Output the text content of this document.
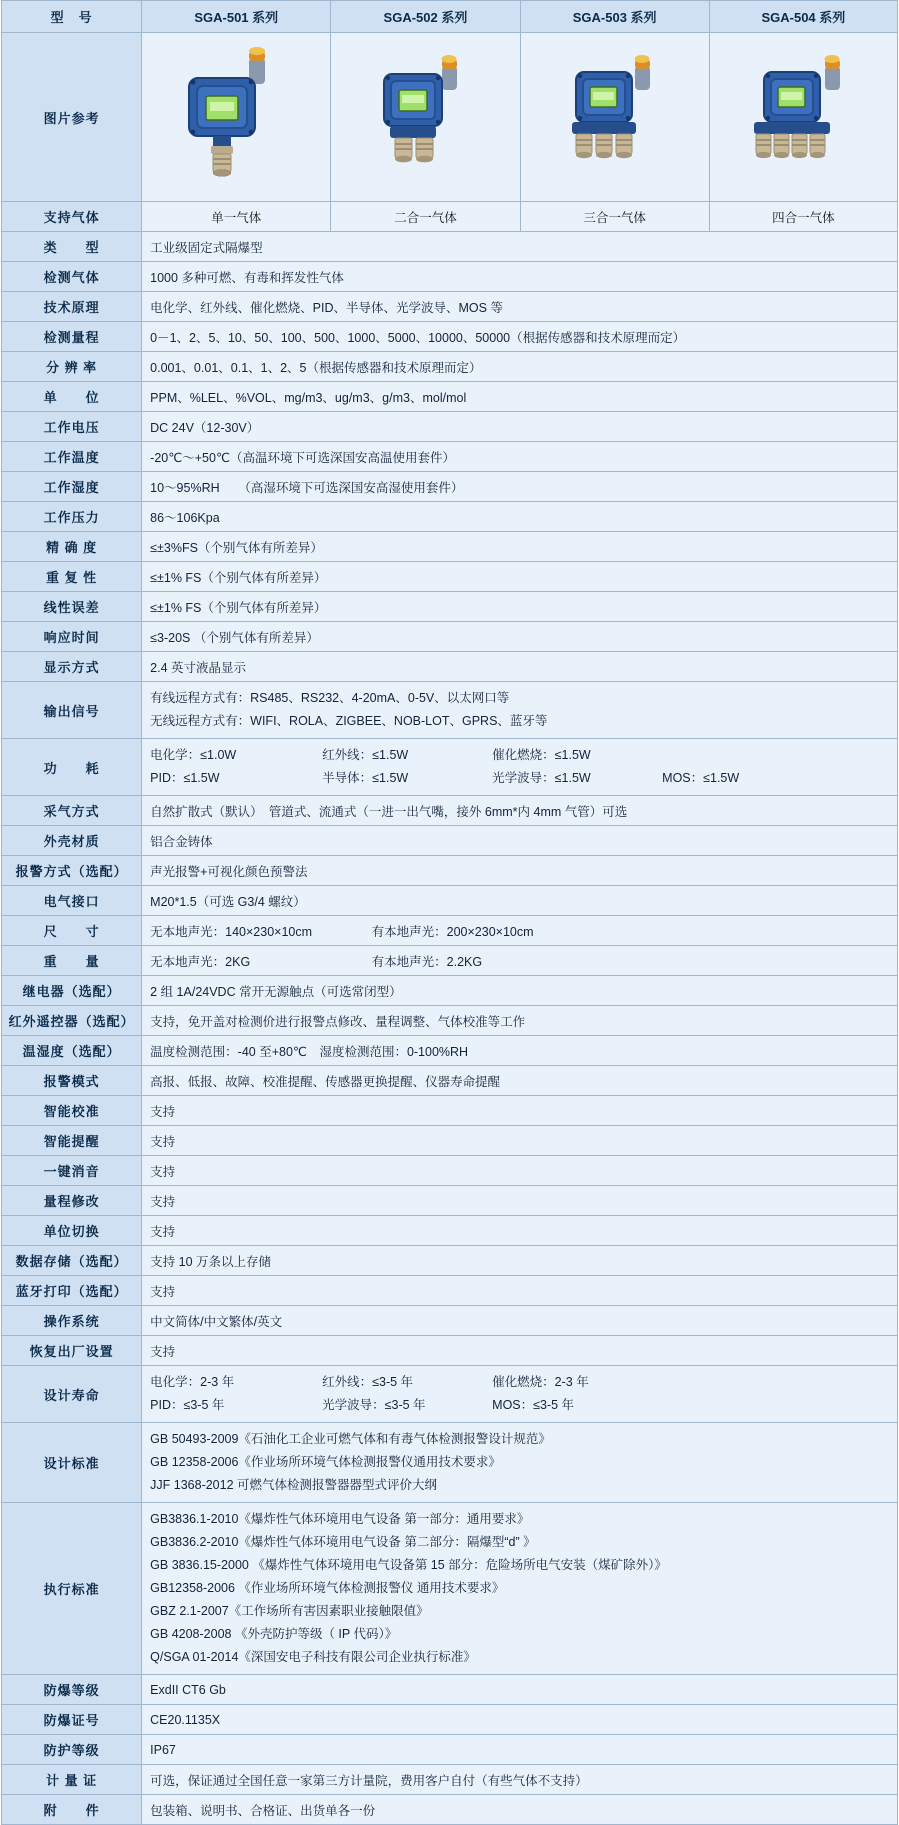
型　号	SGA-501 系列	SGA-502 系列	SGA-503 系列	SGA-504 系列
图片参考	

支持气体	单一气体	二合一气体	三合一气体	四合一气体
类　　型	工业级固定式隔爆型			
检测气体	1000 多种可燃、有毒和挥发性气体			
技术原理	电化学、红外线、催化燃烧、PID、半导体、光学波导、MOS 等			
检测量程	0－1、2、5、10、50、100、500、1000、5000、10000、50000（根据传感器和技术原理而定）			
分 辨 率	0.001、0.01、0.1、1、2、5（根据传感器和技术原理而定）			
单　　位	PPM、%LEL、%VOL、mg/m3、ug/m3、g/m3、mol/mol			
工作电压	DC 24V（12-30V）			
工作温度	-20℃～+50℃（高温环境下可选深国安高温使用套件）			
工作湿度	10～95%RH　　（高湿环境下可选深国安高湿使用套件）			
工作压力	86～106Kpa			
精 确 度	≤±3%FS（个别气体有所差异）			
重 复 性	≤±1% FS（个别气体有所差异）			
线性误差	≤±1% FS（个别气体有所差异）			
响应时间	≤3-20S （个别气体有所差异）			
显示方式	2.4 英寸液晶显示			
输出信号	有线远程方式有：RS485、RS232、4-20mA、0-5V、以太网口等
无线远程方式有：WIFI、ROLA、ZIGBEE、NOB-LOT、GPRS、蓝牙等			

功　　耗	
电化学：≤1.0W	红外线：≤1.5W	催化燃烧：≤1.5W
PID：≤1.5W	半导体：≤1.5W	光学波导：≤1.5W	MOS：≤1.5W

采气方式	自然扩散式（默认）　管道式、流通式（一进一出气嘴，接外 6mm*内 4mm 气管）可选			
外壳材质	铝合金铸体			
报警方式（选配）	声光报警+可视化颜色预警法			
电气接口	M20*1.5（可选 G3/4 螺纹）			
尺　　寸	无本地声光：140×230×10cm 有本地声光：200×230×10cm			
重　　量	无本地声光：2KG 有本地声光：2.2KG			
继电器（选配）	2 组 1A/24VDC 常开无源触点（可选常闭型）			
红外遥控器（选配）	支持，免开盖对检测价进行报警点修改、量程调整、气体校准等工作			
温湿度（选配）	温度检测范围：-40 至+80℃　湿度检测范围：0-100%RH			
报警模式	高报、低报、故障、校准提醒、传感器更换提醒、仪器寿命提醒			
智能校准	支持			
智能提醒	支持			
一键消音	支持			
量程修改	支持			
单位切换	支持			
数据存储（选配）	支持 10 万条以上存储			
蓝牙打印（选配）	支持			
操作系统	中文简体/中文繁体/英文			
恢复出厂设置	支持			
设计寿命	
电化学：2-3 年	红外线：≤3-5 年	催化燃烧：2-3 年
PID：≤3-5 年	光学波导：≤3-5 年	MOS：≤3-5 年

设计标准	GB 50493-2009《石油化工企业可燃气体和有毒气体检测报警设计规范》
GB 12358-2006《作业场所环境气体检测报警仪通用技术要求》
JJF 1368-2012 可燃气体检测报警器器型式评价大纲			

执行标准	
GB3836.1-2010《爆炸性气体环境用电气设备 第一部分：通用要求》
GB3836.2-2010《爆炸性气体环境用电气设备 第二部分：隔爆型“d” 》
GB 3836.15-2000 《爆炸性气体环境用电气设备第 15 部分：危险场所电气安装（煤矿除外）》
GB12358-2006 《作业场所环境气体检测报警仪 通用技术要求》
GBZ 2.1-2007《工作场所有害因素职业接触限值》
GB 4208-2008 《外壳防护等级（ IP 代码）》
Q/SGA 01-2014《深国安电子科技有限公司企业执行标准》

防爆等级	ExdII CT6 Gb			
防爆证号	CE20.1135X			
防护等级	IP67			
计 量 证	可选，保证通过全国任意一家第三方计量院，费用客户自付（有些气体不支持）			
附　　件	包装箱、说明书、合格证、出货单各一份			
